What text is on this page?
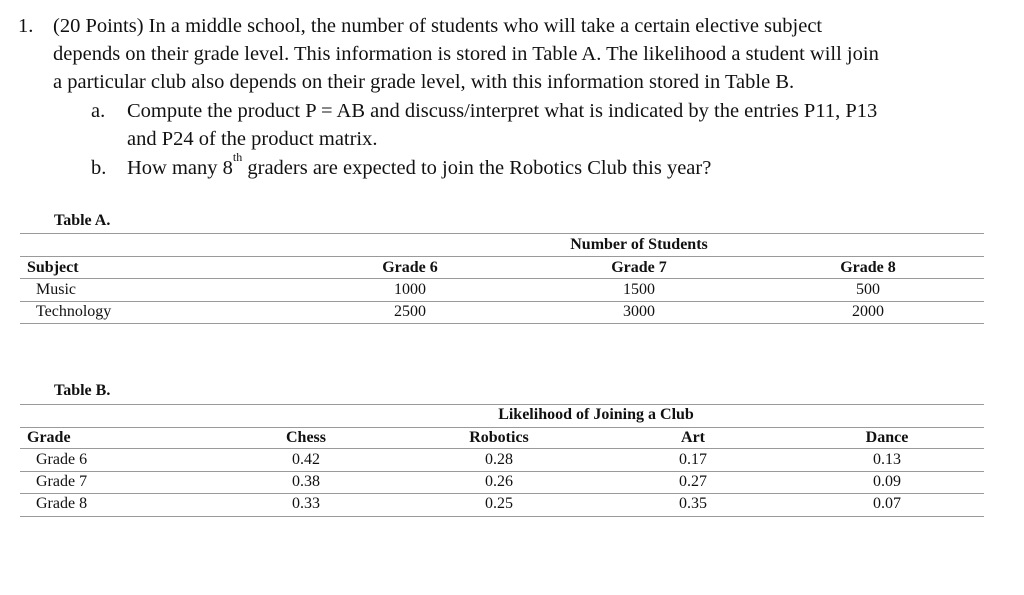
1. (20 Points) In a middle school, the number of students who will take a certain elective subject
depends on their grade level. This information is stored in Table A. The likelihood a student will join
a particular club also depends on their grade level, with this information stored in Table B.
a. Compute the product P = AB and discuss/interpret what is indicated by the entries P11, P13
and P24 of the product matrix.
b. How many 8th graders are expected to join the Robotics Club this year?
Table A.
Number of Students
Subject	Grade 6	Grade 7	Grade 8
Music	1000	1500	500
Technology	2500	3000	2000
Table B.
Likelihood of Joining a Club
Grade	Chess	Robotics	Art	Dance
Grade 6	0.42	0.28	0.17	0.13
Grade 7	0.38	0.26	0.27	0.09
Grade 8	0.33	0.25	0.35	0.07
